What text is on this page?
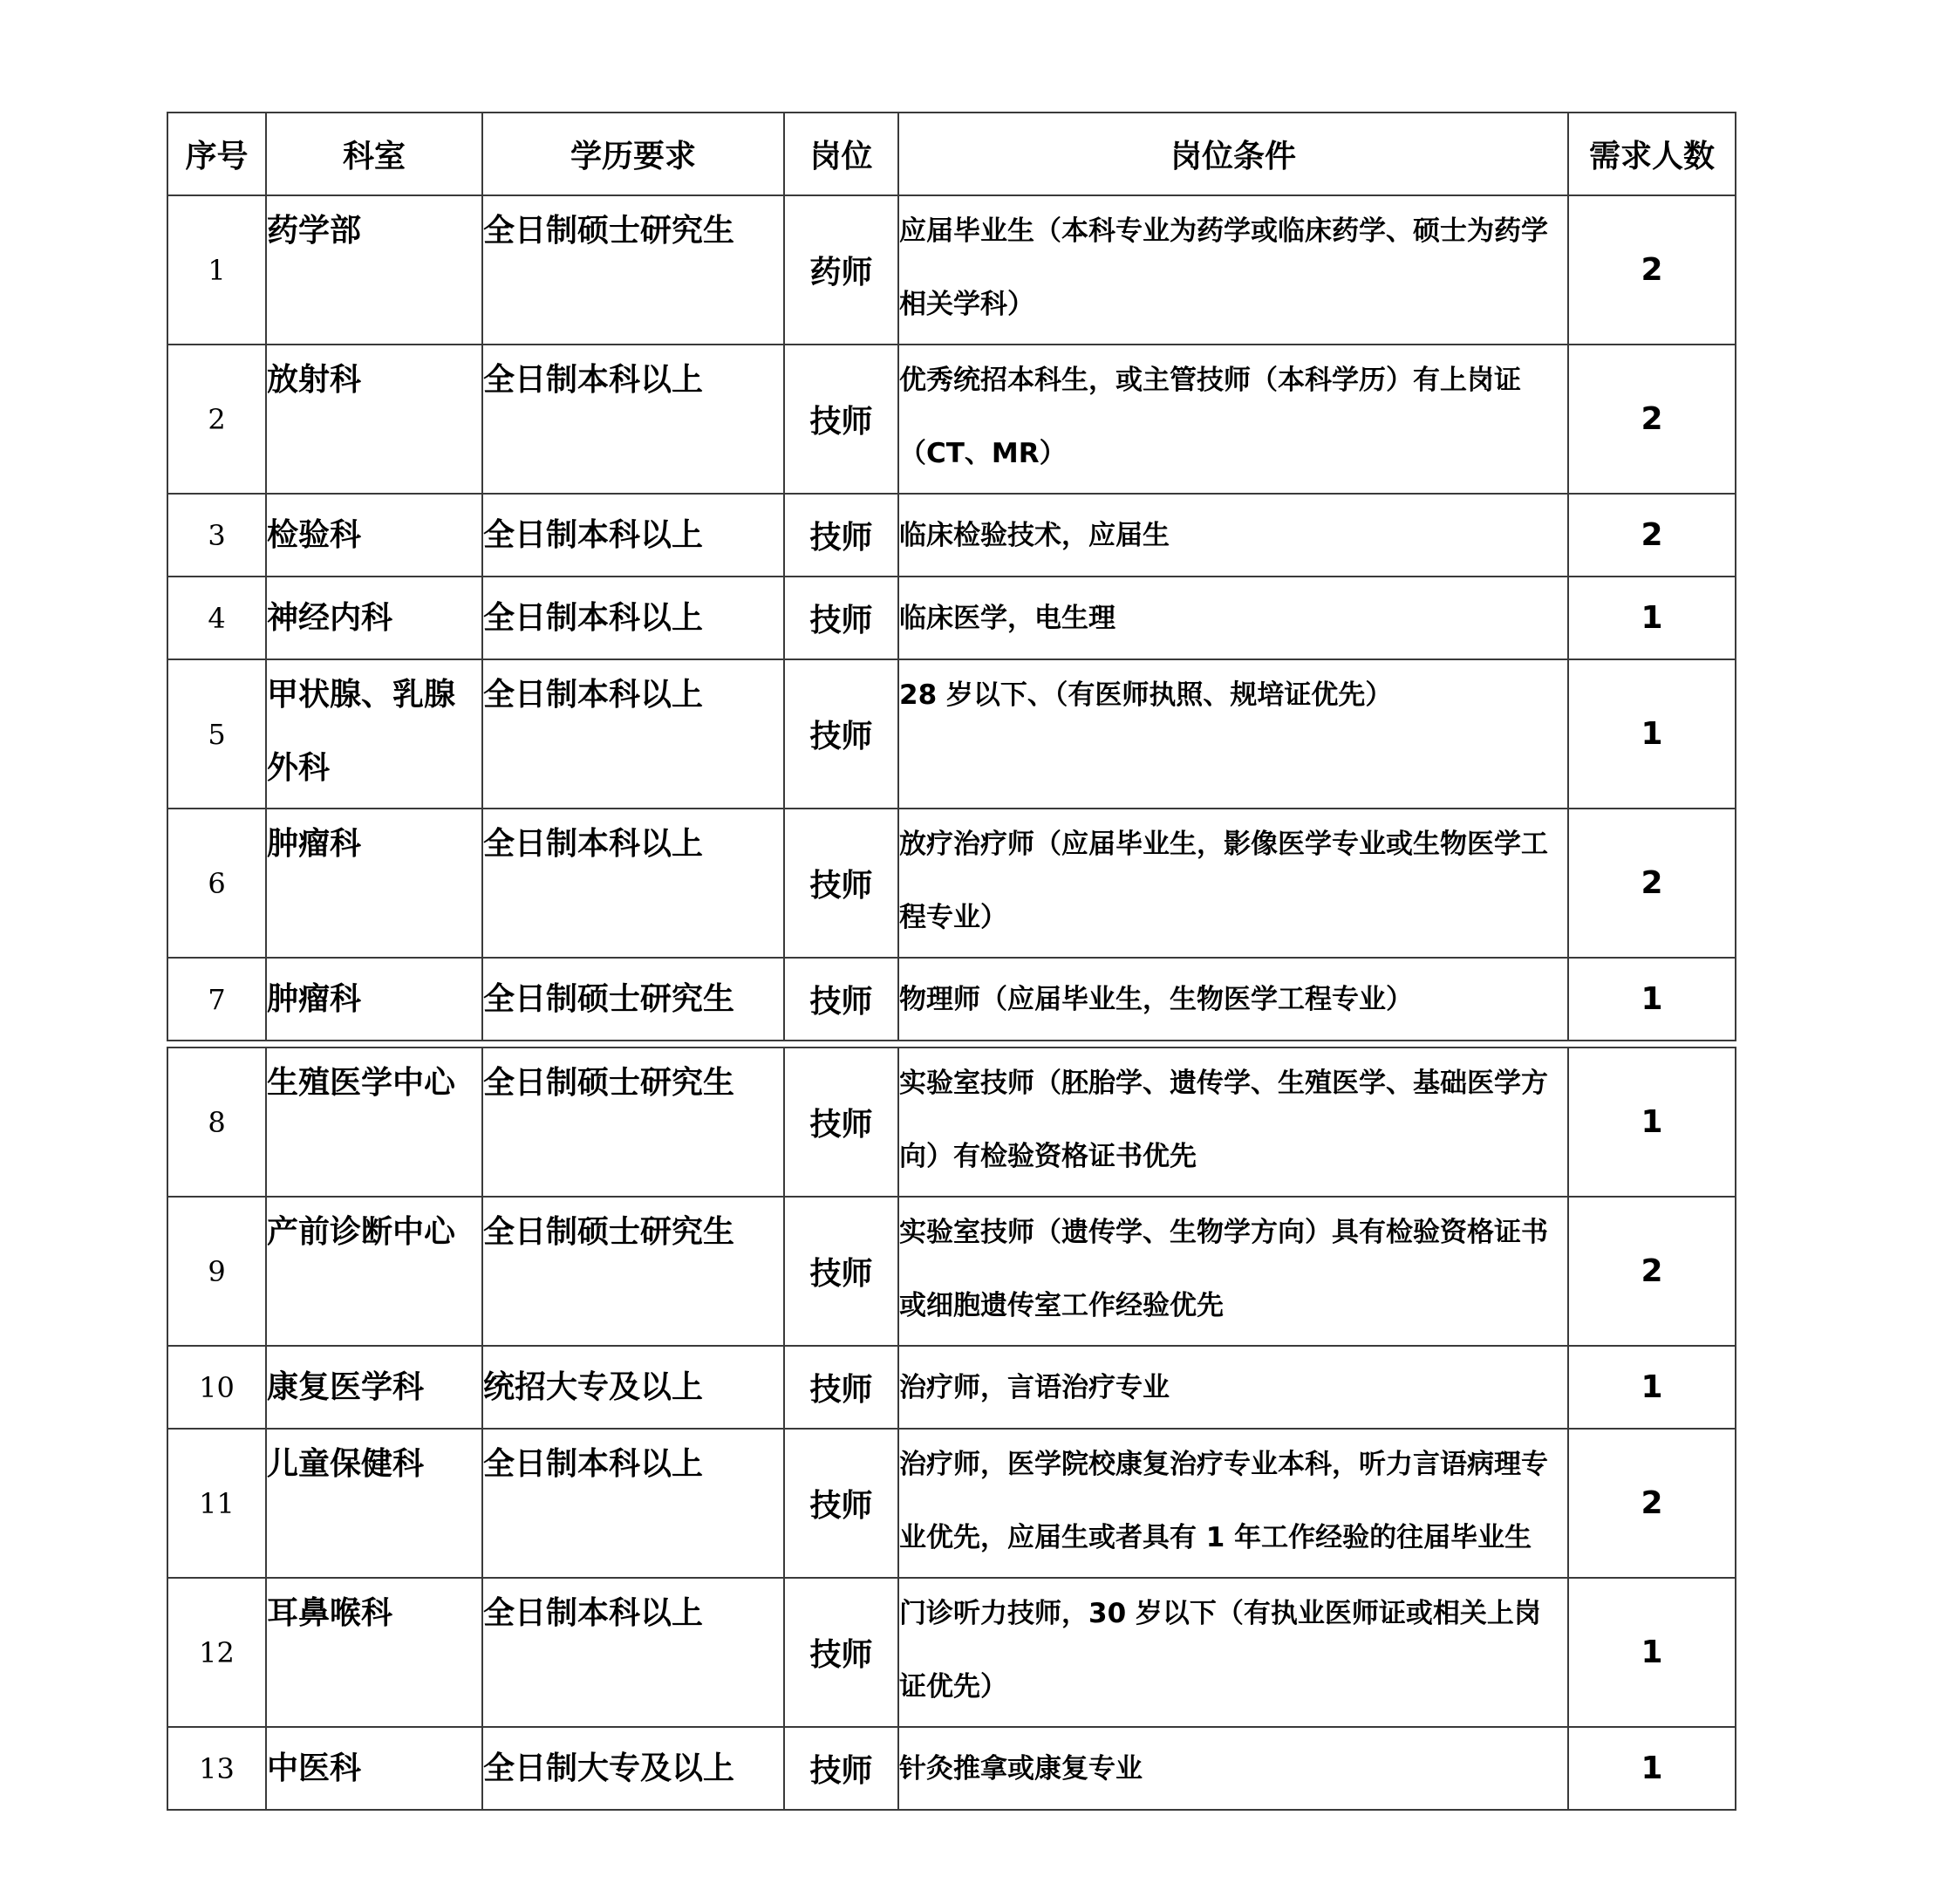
序号	科室	学历要求	岗位	岗位条件	需求人数
1	药学部	全日制硕士研究生	药师	应届毕业生（本科专业为药学或临床药学、硕士为药学相关学科）	2
2	放射科	全日制本科以上	技师	优秀统招本科生，或主管技师（本科学历）有上岗证（CT、MR）	2
3	检验科	全日制本科以上	技师	临床检验技术，应届生	2
4	神经内科	全日制本科以上	技师	临床医学，电生理	1
5	甲状腺、乳腺外科	全日制本科以上	技师	28 岁以下、（有医师执照、规培证优先）	1
6	肿瘤科	全日制本科以上	技师	放疗治疗师（应届毕业生，影像医学专业或生物医学工程专业）	2
7	肿瘤科	全日制硕士研究生	技师	物理师（应届毕业生，生物医学工程专业）	1
8	生殖医学中心	全日制硕士研究生	技师	实验室技师（胚胎学、遗传学、生殖医学、基础医学方向）有检验资格证书优先	1
9	产前诊断中心	全日制硕士研究生	技师	实验室技师（遗传学、生物学方向）具有检验资格证书或细胞遗传室工作经验优先	2
10	康复医学科	统招大专及以上	技师	治疗师，言语治疗专业	1
11	儿童保健科	全日制本科以上	技师	治疗师，医学院校康复治疗专业本科，听力言语病理专业优先，应届生或者具有 1 年工作经验的往届毕业生	2
12	耳鼻喉科	全日制本科以上	技师	门诊听力技师，30 岁以下（有执业医师证或相关上岗证优先）	1
13	中医科	全日制大专及以上	技师	针灸推拿或康复专业	1
